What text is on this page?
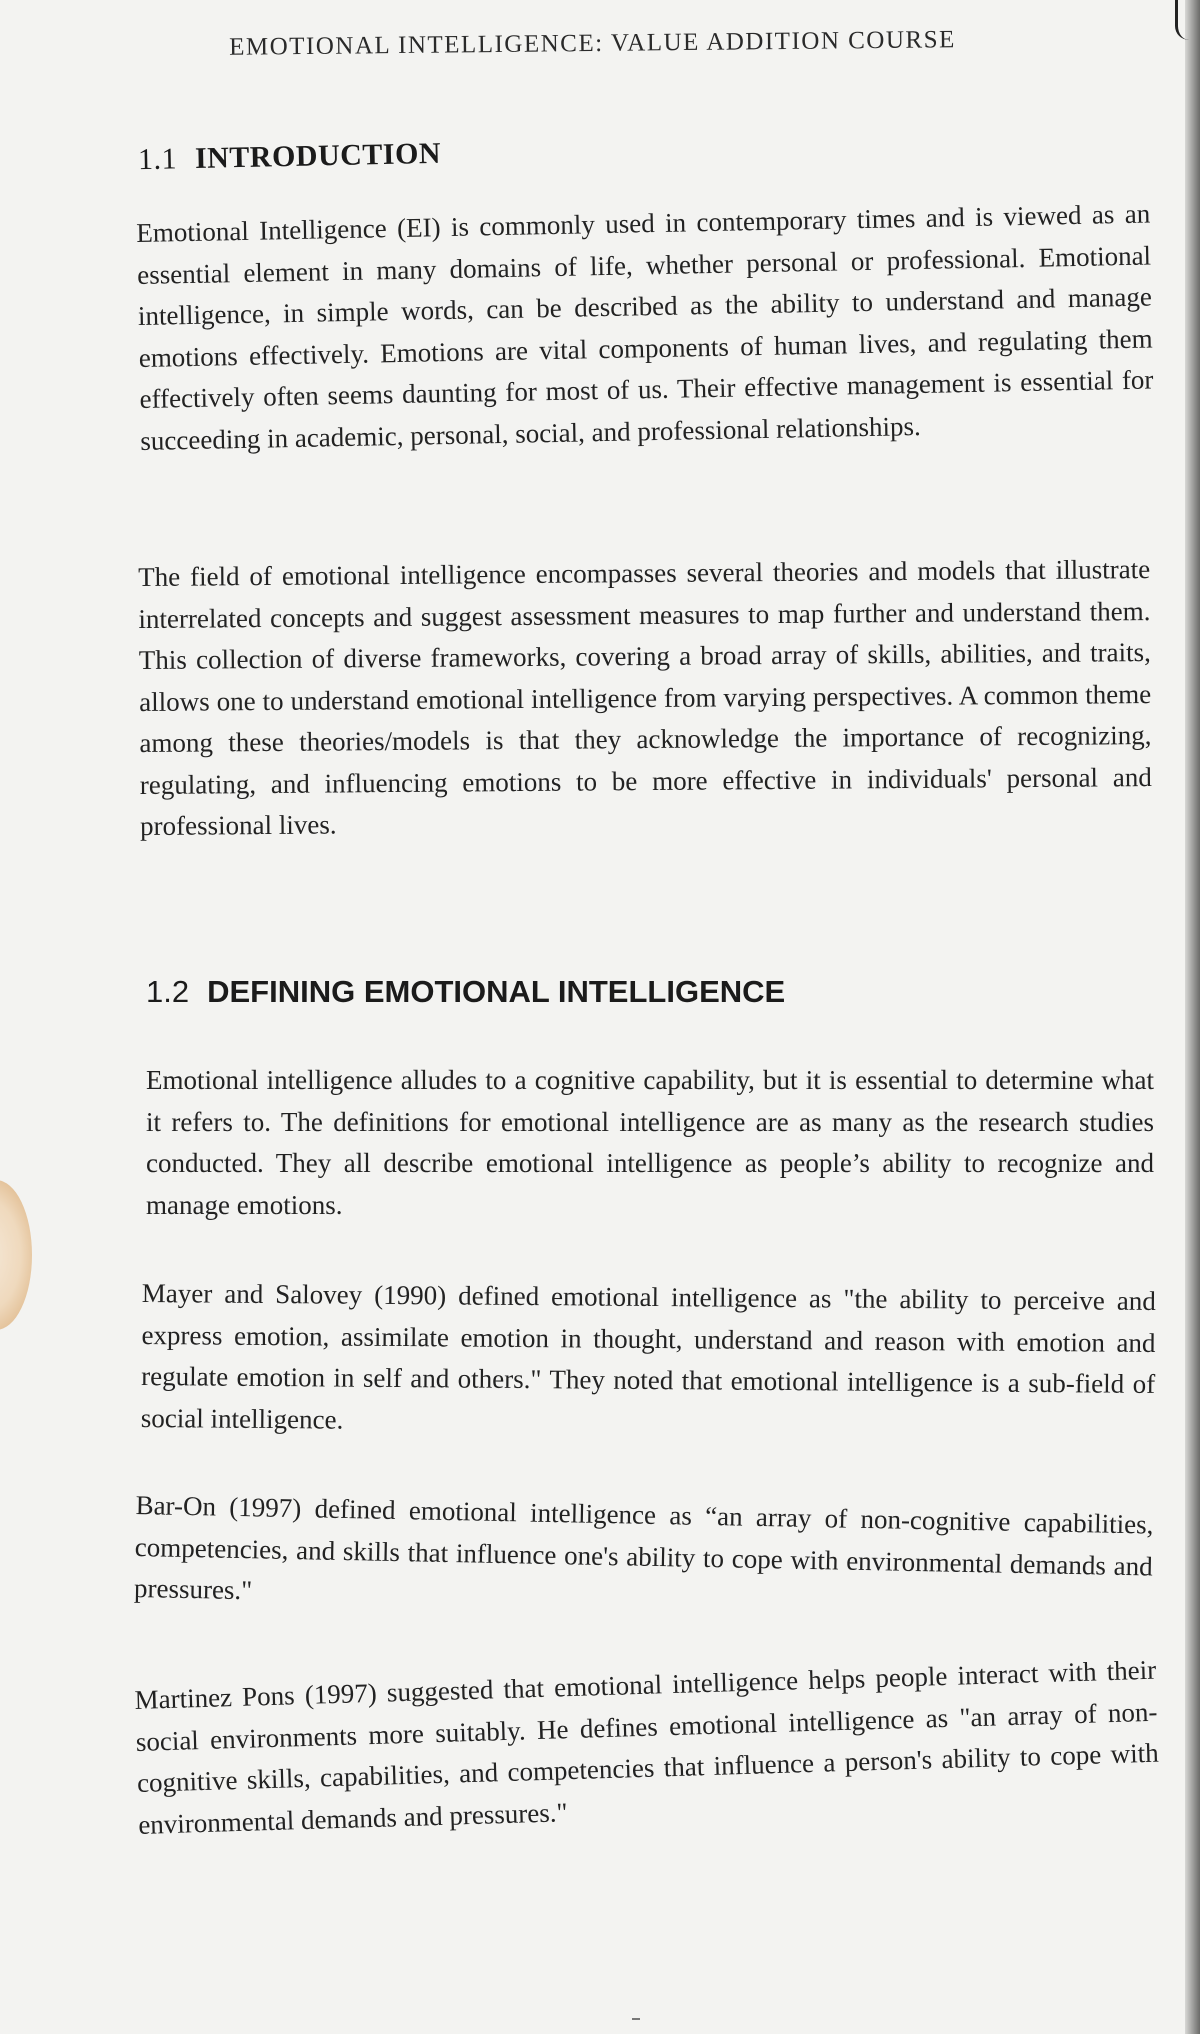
EMOTIONAL INTELLIGENCE: VALUE ADDITION COURSE
1.1 INTRODUCTION
Emotional Intelligence (EI) is commonly used in contemporary times and is viewed as an essential element in many domains of life, whether personal or professional. Emotional intelligence, in simple words, can be described as the ability to understand and manage emotions effectively. Emotions are vital components of human lives, and regulating them effectively often seems daunting for most of us. Their effective management is essential for succeeding in academic, personal, social, and professional relationships.
The field of emotional intelligence encompasses several theories and models that illustrate interrelated concepts and suggest assessment measures to map further and understand them. This collection of diverse frameworks, covering a broad array of skills, abilities, and traits, allows one to understand emotional intelligence from varying perspectives. A common theme among these theories/models is that they acknowledge the importance of recognizing, regulating, and influencing emotions to be more effective in individuals' personal and professional lives.
1.2 DEFINING EMOTIONAL INTELLIGENCE
Emotional intelligence alludes to a cognitive capability, but it is essential to determine what it refers to. The definitions for emotional intelligence are as many as the research studies conducted. They all describe emotional intelligence as people’s ability to recognize and manage emotions.
Mayer and Salovey (1990) defined emotional intelligence as "the ability to perceive and express emotion, assimilate emotion in thought, understand and reason with emotion and regulate emotion in self and others." They noted that emotional intelligence is a sub-field of social intelligence.
Bar-On (1997) defined emotional intelligence as “an array of non-cognitive capabilities, competencies, and skills that influence one's ability to cope with environmental demands and pressures."
Martinez Pons (1997) suggested that emotional intelligence helps people interact with their social environments more suitably. He defines emotional intelligence as "an array of non-cognitive skills, capabilities, and competencies that influence a person's ability to cope with environmental demands and pressures."
